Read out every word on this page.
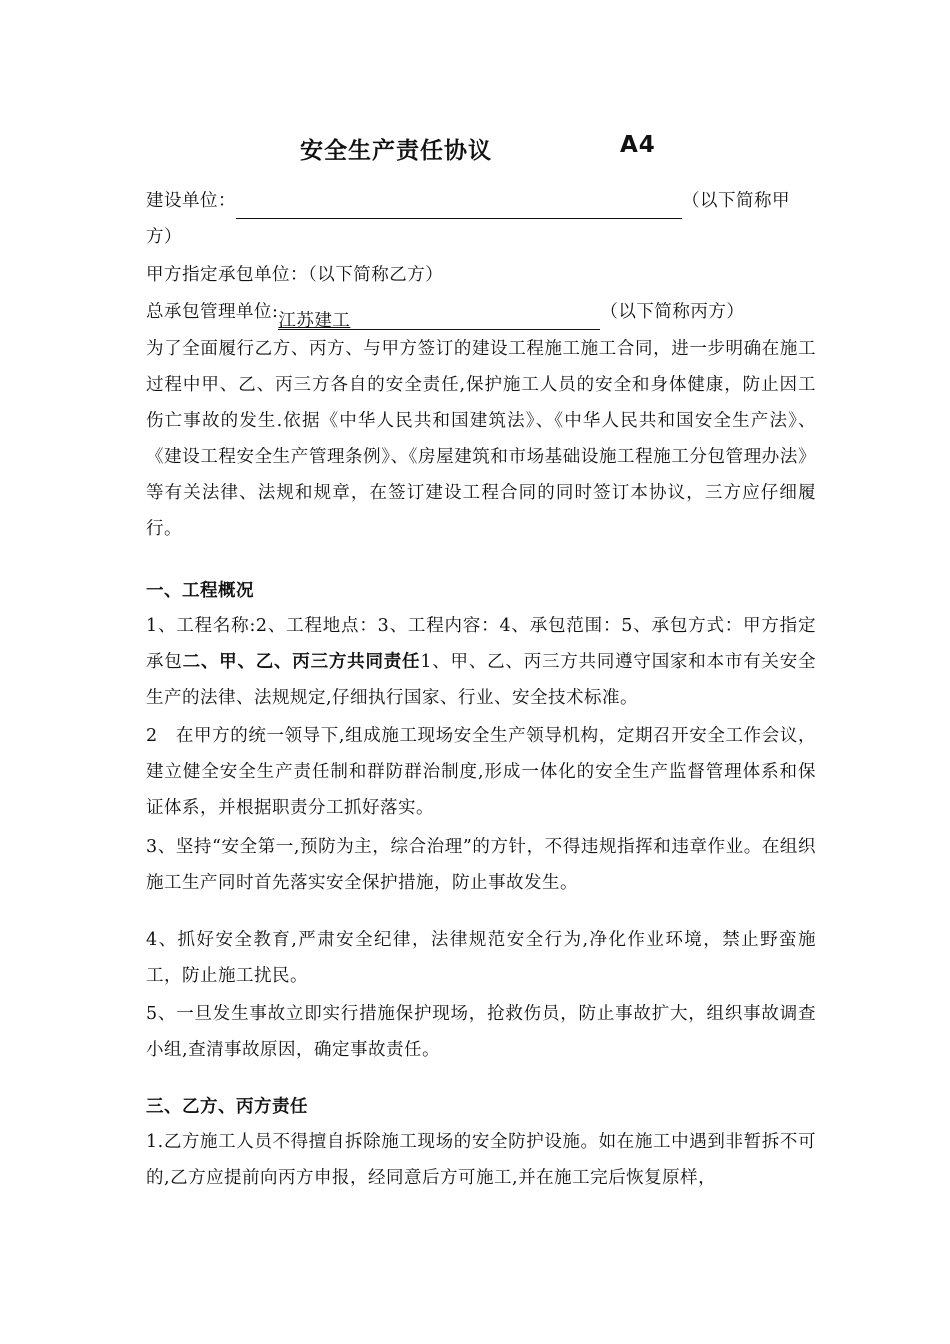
安全生产责任协议	A4
建设单位：	（以下简称甲
方）
甲方指定承包单位：（以下简称乙方）
总承包管理单位:江苏建工	（以下简称丙方）
为了全面履行乙方、丙方、与甲方签订的建设工程施工施工合同，进一步明确在施工过程中甲、乙、丙三方各自的安全责任,保护施工人员的安全和身体健康，防止因工伤亡事故的发生.依据《中华人民共和国建筑法》、《中华人民共和国安全生产法》、《建设工程安全生产管理条例》、《房屋建筑和市场基础设施工程施工分包管理办法》等有关法律、法规和规章，在签订建设工程合同的同时签订本协议，三方应仔细履行。
一、工程概况
1、工程名称:2、工程地点：3、工程内容：4、承包范围：5、承包方式：甲方指定承包二、甲、乙、丙三方共同责任1、甲、乙、丙三方共同遵守国家和本市有关安全生产的法律、法规规定,仔细执行国家、行业、安全技术标准。
2　在甲方的统一领导下,组成施工现场安全生产领导机构，定期召开安全工作会议，建立健全安全生产责任制和群防群治制度,形成一体化的安全生产监督管理体系和保证体系，并根据职责分工抓好落实。
3、坚持“安全第一,预防为主，综合治理”的方针，不得违规指挥和违章作业。在组织施工生产同时首先落实安全保护措施，防止事故发生。
4、抓好安全教育,严肃安全纪律，法律规范安全行为,净化作业环境，禁止野蛮施工，防止施工扰民。
5、一旦发生事故立即实行措施保护现场，抢救伤员，防止事故扩大，组织事故调查小组,查清事故原因，确定事故责任。
三、乙方、丙方责任
1.乙方施工人员不得擅自拆除施工现场的安全防护设施。如在施工中遇到非暂拆不可的,乙方应提前向丙方申报，经同意后方可施工,并在施工完后恢复原样，
